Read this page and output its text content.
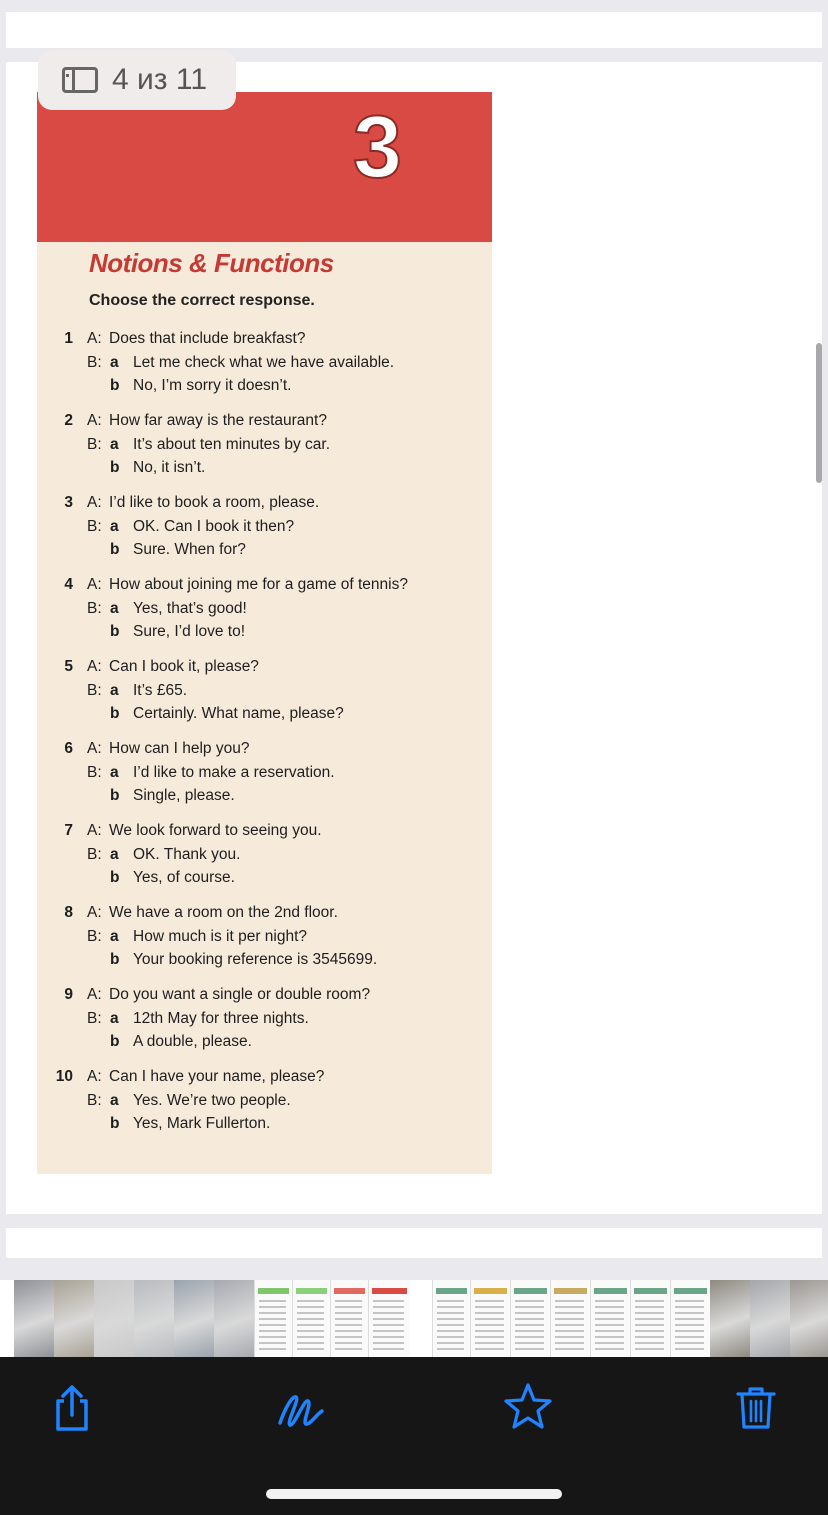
4 из 11
3
Notions & Functions
Choose the correct response.
1 A: Does that include breakfast?
B: a Let me check what we have available.
b No, I’m sorry it doesn’t.
2 A: How far away is the restaurant?
B: a It’s about ten minutes by car.
b No, it isn’t.
3 A: I’d like to book a room, please.
B: a OK. Can I book it then?
b Sure. When for?
4 A: How about joining me for a game of tennis?
B: a Yes, that’s good!
b Sure, I’d love to!
5 A: Can I book it, please?
B: a It’s £65.
b Certainly. What name, please?
6 A: How can I help you?
B: a I’d like to make a reservation.
b Single, please.
7 A: We look forward to seeing you.
B: a OK. Thank you.
b Yes, of course.
8 A: We have a room on the 2nd floor.
B: a How much is it per night?
b Your booking reference is 3545699.
9 A: Do you want a single or double room?
B: a 12th May for three nights.
b A double, please.
10 A: Can I have your name, please?
B: a Yes. We’re two people.
b Yes, Mark Fullerton.
